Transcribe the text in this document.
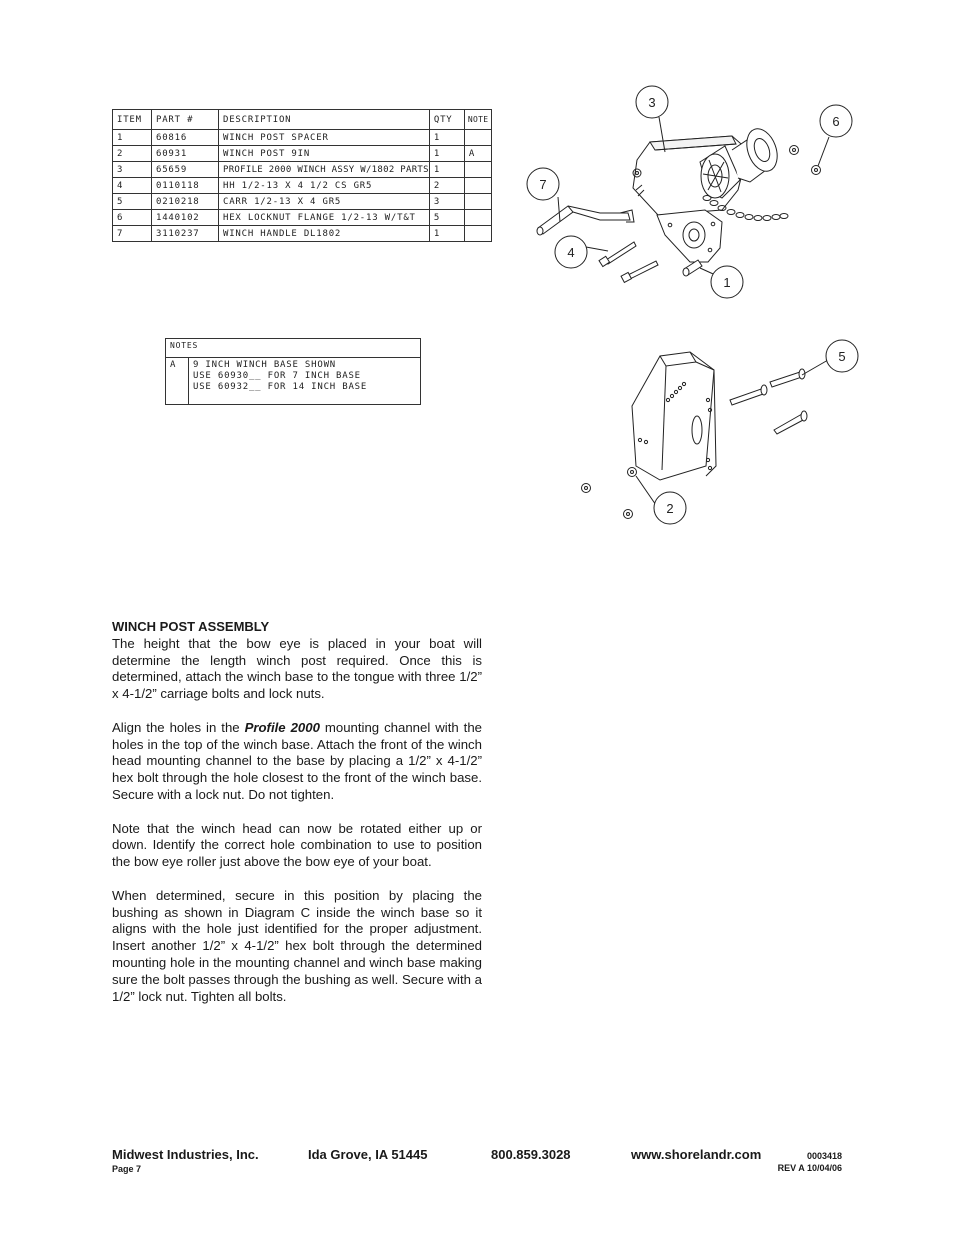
ITEM	PART #	DESCRIPTION	QTY	NOTE
1	60816	WINCH POST SPACER	1	
2	60931	WINCH POST 9IN	1	A
3	65659	PROFILE 2000 WINCH ASSY W/1802 PARTS	1	
4	0110118	HH 1/2-13 X 4 1/2 CS GR5	2	
5	0210218	CARR 1/2-13 X 4 GR5	3	
6	1440102	HEX LOCKNUT FLANGE 1/2-13 W/T&T	5	
7	3110237	WINCH HANDLE DL1802	1	
NOTES
A	9 INCH WINCH BASE SHOWN
USE 60930__ FOR 7 INCH BASE
USE 60932__ FOR 14 INCH BASE
3
6
7
4
1
5
2
WINCH POST ASSEMBLY

The height that the bow eye is placed in your boat will determine the length winch post required. Once this is determined, attach the winch base to the tongue with three 1/2” x 4-1/2” carriage bolts and lock nuts.

Align the holes in the Profile 2000 mounting channel with the holes in the top of the winch base. Attach the front of the winch head mounting channel to the base by placing a 1/2” x 4-1/2” hex bolt through the hole closest to the front of the winch base. Secure with a lock nut. Do not tighten.

Note that the winch head can now be rotated either up or down. Identify the correct hole combination to use to position the bow eye roller just above the bow eye of your boat.

When determined, secure in this position by placing the bushing as shown in Diagram C inside the winch base so it aligns with the hole just identified for the proper adjustment. Insert another 1/2” x 4-1/2” hex bolt through the determined mounting hole in the mounting channel and winch base making sure the bolt passes through the bushing as well. Secure with a 1/2” lock nut. Tighten all bolts.

Midwest Industries, Inc.	Ida Grove, IA 51445	800.859.3028	www.shorelandr.com
Page 7
0003418
REV A 10/04/06
